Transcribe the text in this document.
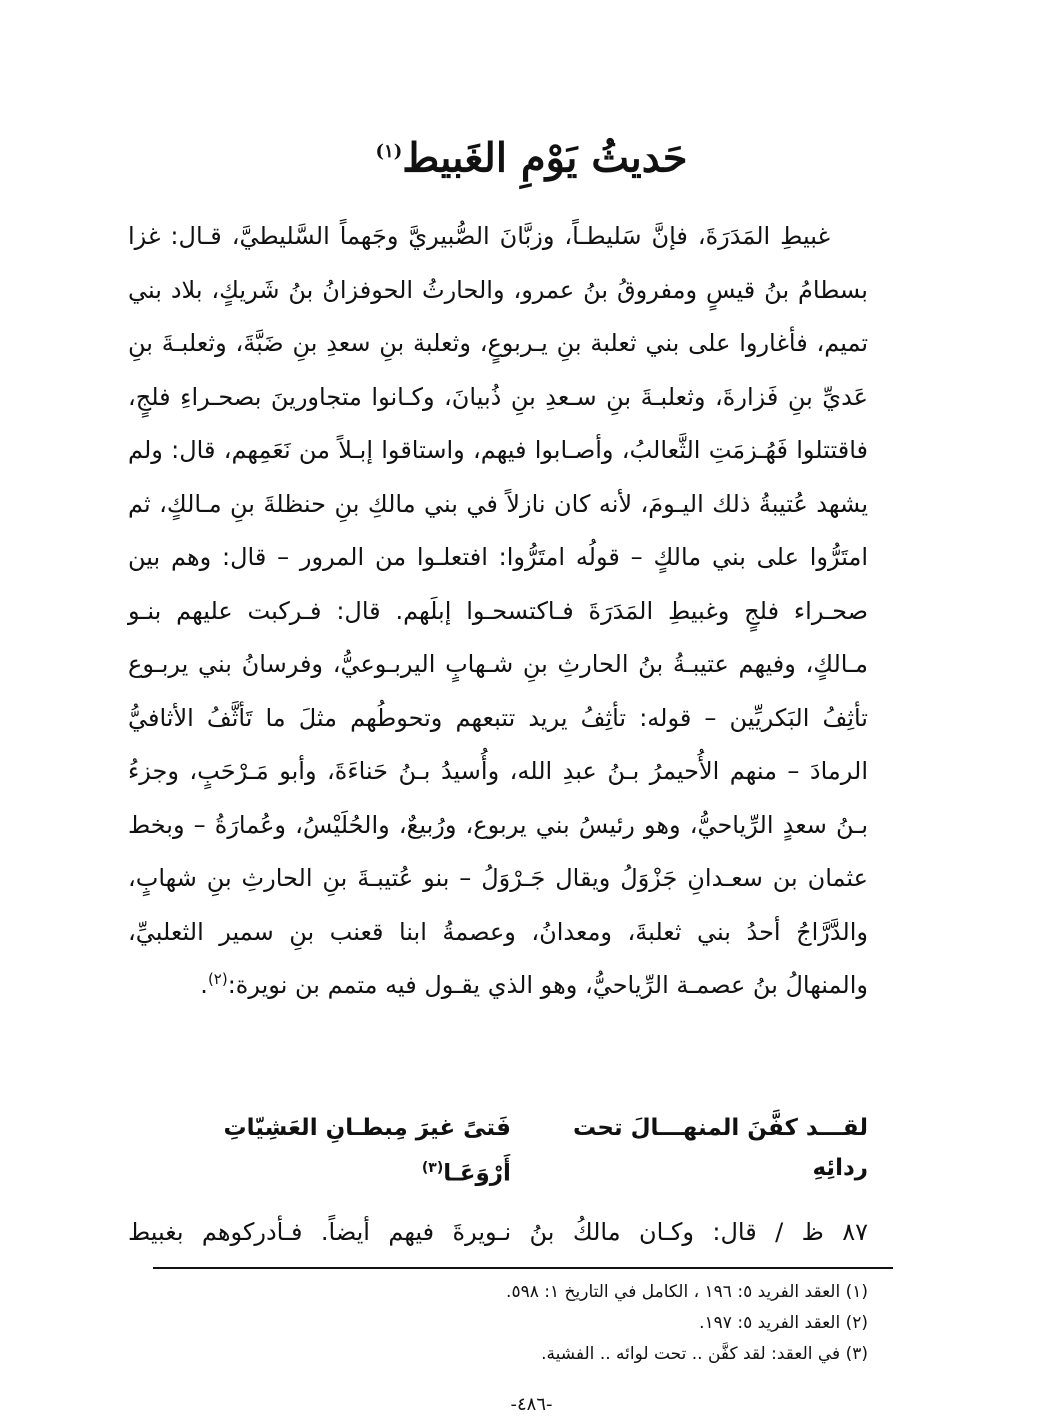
حَديثُ يَوْمِ الغَبيط$^{(١)}$

غبيطِ المَدَرَةَ، فإنَّ سَليطـاً، وزبَّانَ الصُّبيريَّ وجَهماً السَّليطيَّ، قـال: غزا بسطامُ بنُ قيسٍ ومفروقُ بنُ عمرو، والحارثُ الحوفزانُ بنُ شَريكٍ، بلاد بني تميم، فأغاروا على بني ثعلبة بنِ يـربوعٍ، وثعلبة بنِ سعدِ بنِ ضَبَّةَ، وثعلبـةَ بنِ عَديِّ بنِ فَزارةَ، وثعلبـةَ بنِ سـعدِ بنِ ذُبيانَ، وكـانوا متجاورينَ بصحـراءِ فلجٍ، فاقتتلوا فَهُـزمَتِ الثَّعالبُ، وأصـابوا فيهم، واستاقوا إبـلاً من نَعَمِهم، قال: ولم يشهد عُتيبةُ ذلك اليـومَ، لأنه كان نازلاً في بني مالكِ بنِ حنظلةَ بنِ مـالكٍ، ثم امتَرُّوا على بني مالكٍ – قولُه امتَرُّوا: افتعلـوا من المرور – قال: وهم بين صحـراء فلجٍ وغبيطِ المَدَرَةَ فـاكتسحـوا إبلَهم. قال: فـركبت عليهم بنـو مـالكٍ، وفيهم عتيبـةُ بنُ الحارثِ بنِ شـهابٍ اليربـوعيُّ، وفرسانُ بني يربـوع تأثِفُ البَكريِّين – قوله: تأثِفُ يريد تتبعهم وتحوطُهم مثلَ ما تَأثَّفُ الأثافيُّ الرمادَ – منهم الأُحيمرُ بـنُ عبدِ الله، وأُسيدُ بـنُ حَناءَةَ، وأبو مَـرْحَبٍ، وجزءُ بـنُ سعدٍ الرِّياحيُّ، وهو رئيسُ بني يربوع، ورُبيعٌ، والحُلَيْسُ، وعُمارَةُ – وبخط عثمان بن سعـدانِ جَزْوَلُ ويقال جَـرْوَلُ – بنو عُتيبـةَ بنِ الحارثِ بنِ شهابٍ، والدَّرَّاجُ أحدُ بني ثعلبةَ، ومعدانُ، وعصمةُ ابنا قعنب بنِ سمير الثعلبيِّ، والمنهالُ بنُ عصمـة الرِّياحيُّ، وهو الذي يقـول فيه متمم بن نويرة:$^{(٢)}$.

لقـــد كفَّنَ المنهـــالَ تحت ردائِهِ
فَتىً غيرَ مِبطـانِ العَشِيّاتِ أَرْوَعَـا$^{(٣)}$
٨٧ ظ / قال: وكـان مالكُ بنُ نـويرةَ فيهم أيضاً. فـأدركوهم بغبيط
(١) العقد الفريد ٥: ١٩٦ ، الكامل في التاريخ ١: ٥٩٨.
(٢) العقد الفريد ٥: ١٩٧.
(٣) في العقد: لقد كفَّن .. تحت لوائه .. الفشية.
-٤٨٦-
